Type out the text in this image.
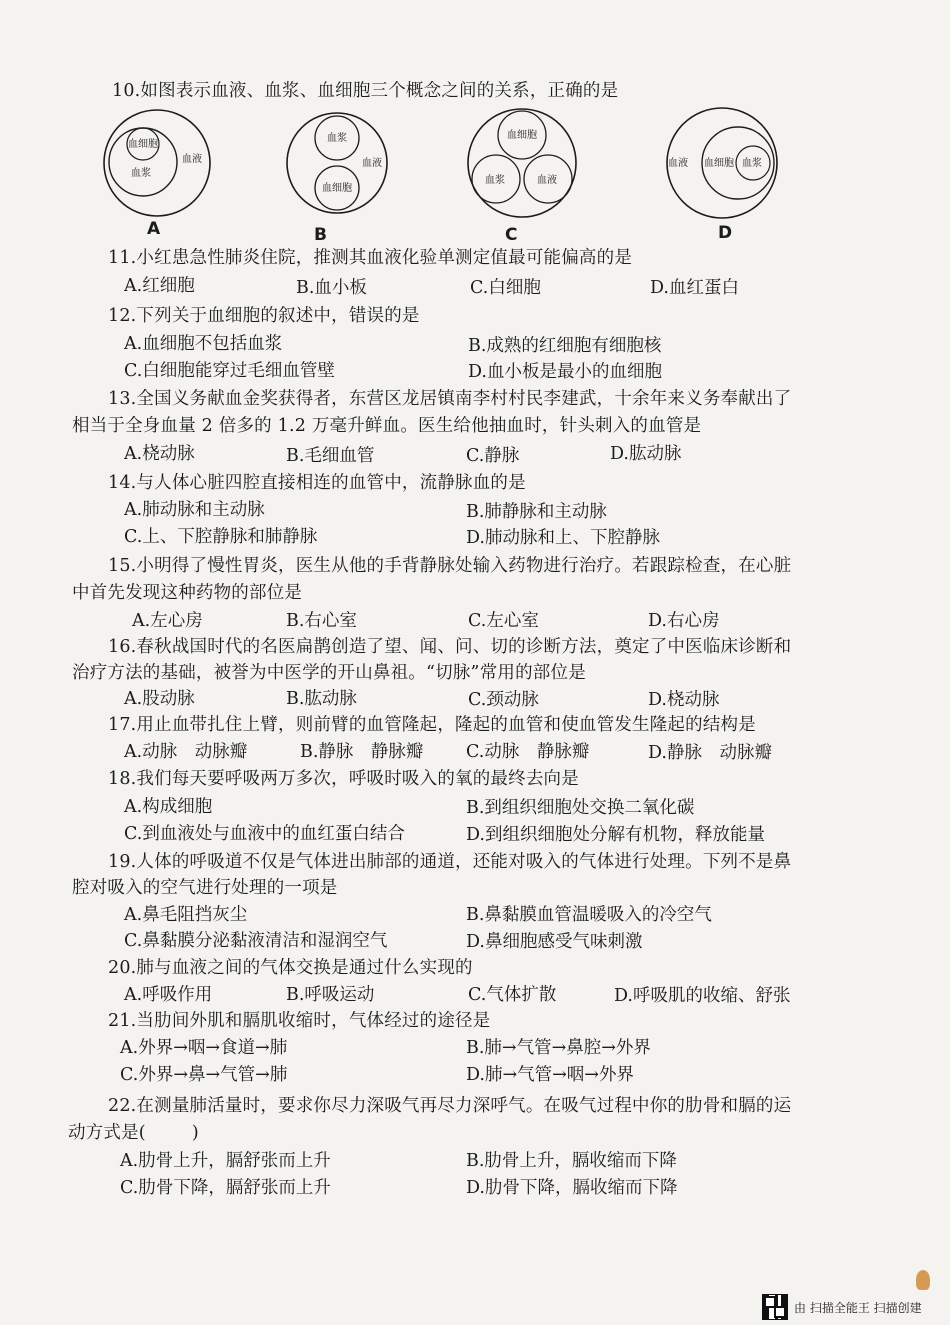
10.如图表示血液、血浆、血细胞三个概念之间的关系，正确的是
血细胞
血浆
血液
血浆
血液
血细胞
血细胞
血浆	血液
血液 血细胞 血浆
A	B	C	D
11.小红患急性肺炎住院，推测其血液化验单测定值最可能偏高的是
A.红细胞	B.血小板	C.白细胞	D.血红蛋白
12.下列关于血细胞的叙述中，错误的是
A.血细胞不包括血浆	B.成熟的红细胞有细胞核
C.白细胞能穿过毛细血管壁	D.血小板是最小的血细胞
13.全国义务献血金奖获得者，东营区龙居镇南李村村民李建武，十余年来义务奉献出了
相当于全身血量 2 倍多的 1.2 万毫升鲜血。医生给他抽血时，针头刺入的血管是
A.桡动脉	B.毛细血管	C.静脉	D.肱动脉
14.与人体心脏四腔直接相连的血管中，流静脉血的是
A.肺动脉和主动脉	B.肺静脉和主动脉
C.上、下腔静脉和肺静脉	D.肺动脉和上、下腔静脉
15.小明得了慢性胃炎，医生从他的手背静脉处输入药物进行治疗。若跟踪检查，在心脏
中首先发现这种药物的部位是
A.左心房	B.右心室	C.左心室	D.右心房
16.春秋战国时代的名医扁鹊创造了望、闻、问、切的诊断方法，奠定了中医临床诊断和
治疗方法的基础，被誉为中医学的开山鼻祖。“切脉”常用的部位是
A.股动脉	B.肱动脉	C.颈动脉	D.桡动脉
17.用止血带扎住上臂，则前臂的血管隆起，隆起的血管和使血管发生隆起的结构是
A.动脉　动脉瓣	B.静脉　静脉瓣 C.动脉　静脉瓣	D.静脉　动脉瓣
18.我们每天要呼吸两万多次，呼吸时吸入的氧的最终去向是
A.构成细胞	B.到组织细胞处交换二氧化碳
C.到血液处与血液中的血红蛋白结合	D.到组织细胞处分解有机物，释放能量
19.人体的呼吸道不仅是气体进出肺部的通道，还能对吸入的气体进行处理。下列不是鼻
腔对吸入的空气进行处理的一项是
A.鼻毛阻挡灰尘	B.鼻黏膜血管温暖吸入的冷空气
C.鼻黏膜分泌黏液清洁和湿润空气	D.鼻细胞感受气味刺激
20.肺与血液之间的气体交换是通过什么实现的
A.呼吸作用	B.呼吸运动	C.气体扩散	D.呼吸肌的收缩、舒张
21.当肋间外肌和膈肌收缩时，气体经过的途径是
A.外界→咽→食道→肺	B.肺→气管→鼻腔→外界
C.外界→鼻→气管→肺	D.肺→气管→咽→外界
22.在测量肺活量时，要求你尽力深吸气再尽力深呼气。在吸气过程中你的肋骨和膈的运
动方式是(	)
A.肋骨上升，膈舒张而上升	B.肋骨上升，膈收缩而下降
C.肋骨下降，膈舒张而上升	D.肋骨下降，膈收缩而下降
由 扫描全能王 扫描创建
